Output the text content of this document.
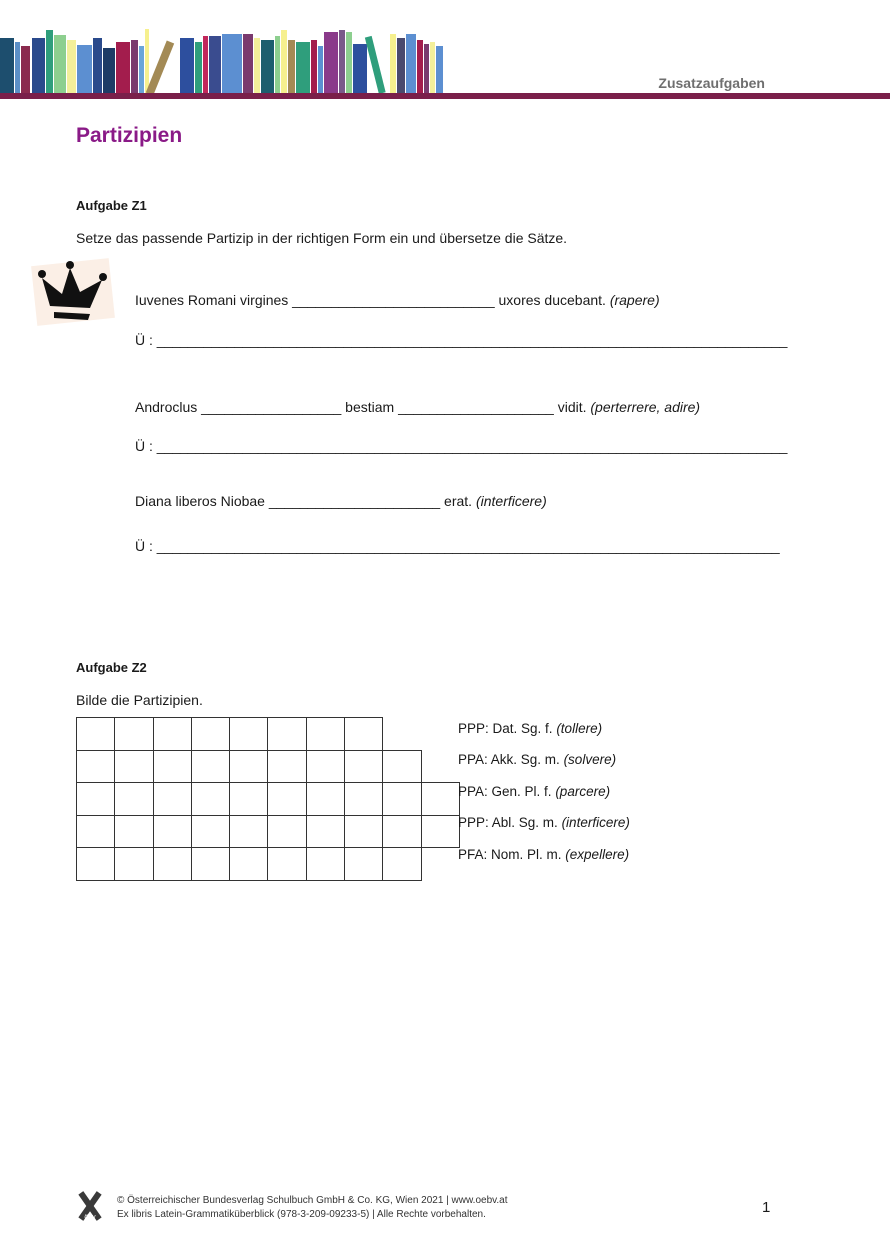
Zusatzaufgaben
Partizipien
Aufgabe Z1
Setze das passende Partizip in der richtigen Form ein und übersetze die Sätze.
Iuvenes Romani virgines __________________________ uxores ducebant. (rapere)
Ü : _________________________________________________________________________________
Androclus __________________ bestiam ____________________ vidit. (perterrere, adire)
Ü : _________________________________________________________________________________
Diana liberos Niobae ______________________ erat. (interficere)
Ü : ________________________________________________________________________________
Aufgabe Z2
Bilde die Partizipien.

PPP: Dat. Sg. f. (tollere)
PPA: Akk. Sg. m. (solvere)
PPA: Gen. Pl. f. (parcere)
PPP: Abl. Sg. m. (interficere)
PFA: Nom. Pl. m. (expellere)
öbv
© Österreichischer Bundesverlag Schulbuch GmbH & Co. KG, Wien 2021 | www.oebv.at
Ex libris Latein-Grammatiküberblick (978-3-209-09233-5) | Alle Rechte vorbehalten.	1
